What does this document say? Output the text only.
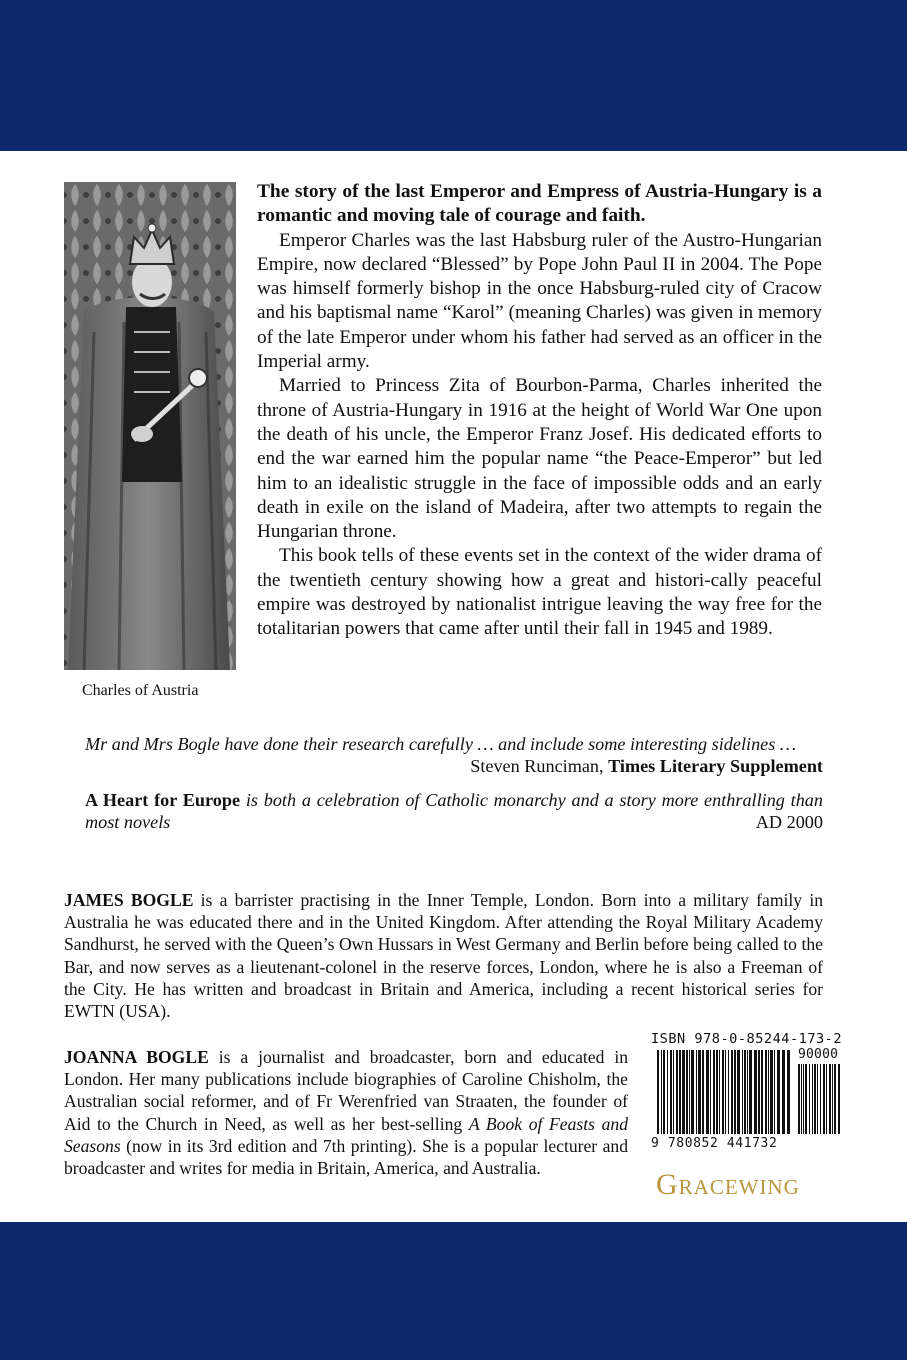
Charles of Austria

The story of the last Emperor and Empress of Austria-Hungary is a romantic and moving tale of courage and faith.

Emperor Charles was the last Habsburg ruler of the Austro-Hungarian Empire, now declared “Blessed” by Pope John Paul II in 2004. The Pope was himself formerly bishop in the once Habsburg-ruled city of Cracow and his baptismal name “Karol” (meaning Charles) was given in memory of the late Emperor under whom his father had served as an officer in the Imperial army.

Married to Princess Zita of Bourbon-Parma, Charles inherited the throne of Austria-Hungary in 1916 at the height of World War One upon the death of his uncle, the Emperor Franz Josef. His dedicated efforts to end the war earned him the popular name “the Peace-Emperor” but led him to an idealistic struggle in the face of impossible odds and an early death in exile on the island of Madeira, after two attempts to regain the Hungarian throne.

This book tells of these events set in the context of the wider drama of the twentieth century showing how a great and histori-cally peaceful empire was destroyed by nationalist intrigue leaving the way free for the totalitarian powers that came after until their fall in 1945 and 1989.

Mr and Mrs Bogle have done their research carefully … and include some interesting sidelines …
Steven Runciman, Times Literary Supplement
A Heart for Europe is both a celebration of Catholic monarchy and a story more enthralling than most novels	AD 2000
JAMES BOGLE is a barrister practising in the Inner Temple, London. Born into a military family in Australia he was educated there and in the United Kingdom. After attending the Royal Military Academy Sandhurst, he served with the Queen’s Own Hussars in West Germany and Berlin before being called to the Bar, and now serves as a lieutenant-colonel in the reserve forces, London, where he is also a Freeman of the City. He has written and broadcast in Britain and America, including a recent historical series for EWTN (USA).
JOANNA BOGLE is a journalist and broadcaster, born and educated in London. Her many publications include biographies of Caroline Chisholm, the Australian social reformer, and of Fr Werenfried van Straaten, the founder of Aid to the Church in Need, as well as her best-selling A Book of Feasts and Seasons (now in its 3rd edition and 7th printing). She is a popular lecturer and broadcaster and writes for media in Britain, America, and Australia.
ISBN 978-0-85244-173-2
90000
9 780852 441732
Gracewing
